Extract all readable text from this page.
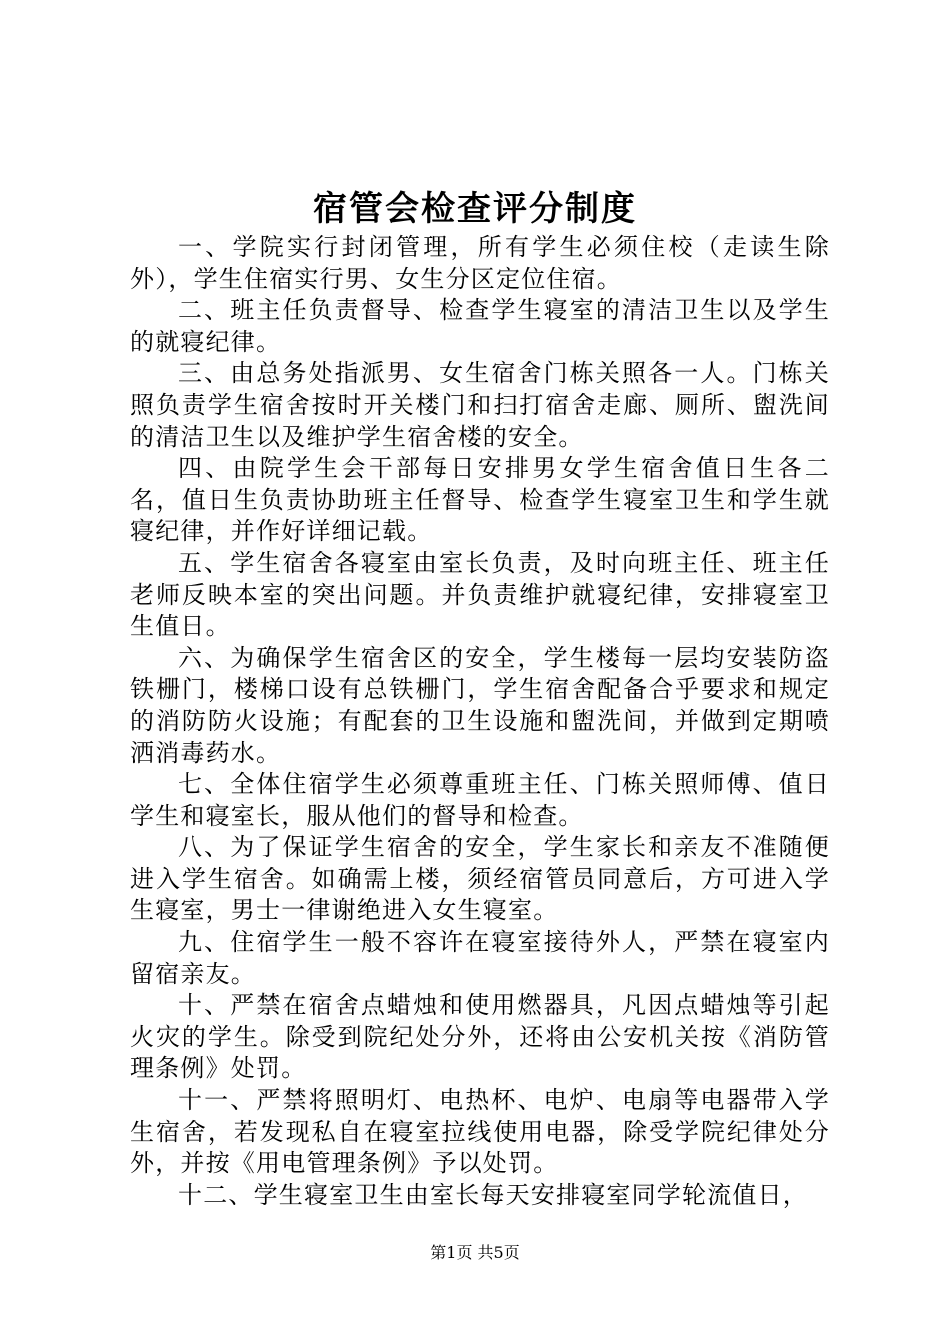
宿管会检查评分制度

一、学院实行封闭管理，所有学生必须住校（走读生除外），学生住宿实行男、女生分区定位住宿。

二、班主任负责督导、检查学生寝室的清洁卫生以及学生的就寝纪律。

三、由总务处指派男、女生宿舍门栋关照各一人。门栋关照负责学生宿舍按时开关楼门和扫打宿舍走廊、厕所、盥洗间的清洁卫生以及维护学生宿舍楼的安全。

四、由院学生会干部每日安排男女学生宿舍值日生各二名，值日生负责协助班主任督导、检查学生寝室卫生和学生就寝纪律，并作好详细记载。

五、学生宿舍各寝室由室长负责，及时向班主任、班主任老师反映本室的突出问题。并负责维护就寝纪律，安排寝室卫生值日。

六、为确保学生宿舍区的安全，学生楼每一层均安装防盗铁栅门，楼梯口设有总铁栅门，学生宿舍配备合乎要求和规定的消防防火设施；有配套的卫生设施和盥洗间，并做到定期喷洒消毒药水。

七、全体住宿学生必须尊重班主任、门栋关照师傅、值日学生和寝室长，服从他们的督导和检查。

八、为了保证学生宿舍的安全，学生家长和亲友不准随便进入学生宿舍。如确需上楼，须经宿管员同意后，方可进入学生寝室，男士一律谢绝进入女生寝室。

九、住宿学生一般不容许在寝室接待外人，严禁在寝室内留宿亲友。

十、严禁在宿舍点蜡烛和使用燃器具，凡因点蜡烛等引起火灾的学生。除受到院纪处分外，还将由公安机关按《消防管理条例》处罚。

十一、严禁将照明灯、电热杯、电炉、电扇等电器带入学生宿舍，若发现私自在寝室拉线使用电器，除受学院纪律处分外，并按《用电管理条例》予以处罚。

十二、学生寝室卫生由室长每天安排寝室同学轮流值日，

第1页 共5页
